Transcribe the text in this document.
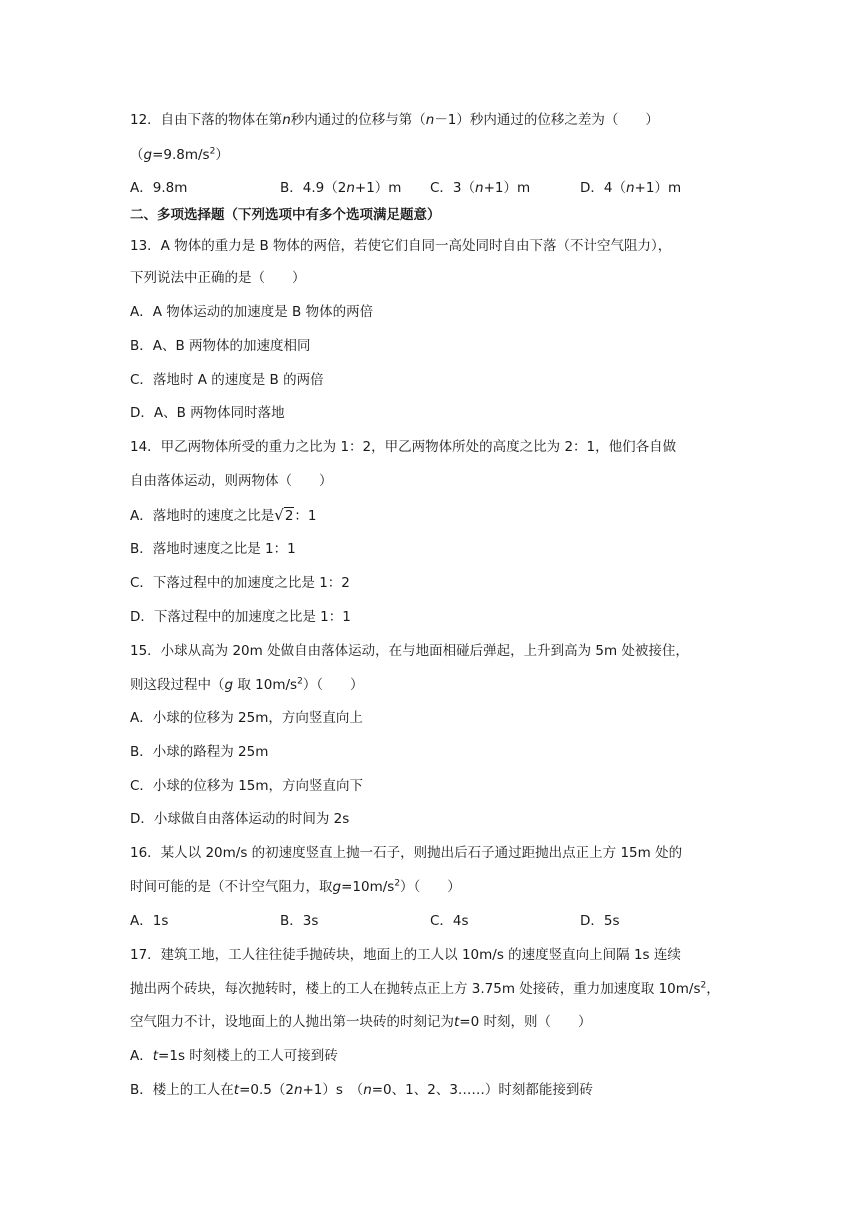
12．自由下落的物体在第n秒内通过的位移与第（n－1）秒内通过的位移之差为（　　）
$(g=9.8m/s^2)$
A．9.8m	B．4.9（2n+1）m C．3（n+1）m	D．4（n+1）m
二、多项选择题（下列选项中有多个选项满足题意）
13．A 物体的重力是 B 物体的两倍，若使它们自同一高处同时自由下落（不计空气阻力），
下列说法中正确的是（　　）
A．A 物体运动的加速度是 B 物体的两倍
B．A、B 两物体的加速度相同
C．落地时 A 的速度是 B 的两倍
D．A、B 两物体同时落地
14．甲乙两物体所受的重力之比为 1：2，甲乙两物体所处的高度之比为 2：1，他们各自做
自由落体运动，则两物体（　　）
A．落地时的速度之比是√2：1
B．落地时速度之比是 1：1
C．下落过程中的加速度之比是 1：2
D．下落过程中的加速度之比是 1：1
15．小球从高为 20m 处做自由落体运动，在与地面相碰后弹起，上升到高为 5m 处被接住，
则这段过程中（g 取 $10m/s^2$）（　　）
A．小球的位移为 25m，方向竖直向上
B．小球的路程为 25m
C．小球的位移为 15m，方向竖直向下
D．小球做自由落体运动的时间为 2s
16．某人以 20m/s 的初速度竖直上抛一石子，则抛出后石子通过距抛出点正上方 15m 处的
时间可能的是（不计空气阻力，取$g=10m/s^2$）（　　）
A．1s	B．3s	C．4s	D．5s
17．建筑工地，工人往往徒手抛砖块，地面上的工人以 10m/s 的速度竖直向上间隔 1s 连续
抛出两个砖块，每次抛转时，楼上的工人在抛转点正上方 3.75m 处接砖，重力加速度取 $10m/s^2$，
空气阻力不计，设地面上的人抛出第一块砖的时刻记为t=0 时刻，则（　　）
A．t=1s 时刻楼上的工人可接到砖
B．楼上的工人在t=0.5（2n+1）s　（n=0、1、2、3……）时刻都能接到砖
